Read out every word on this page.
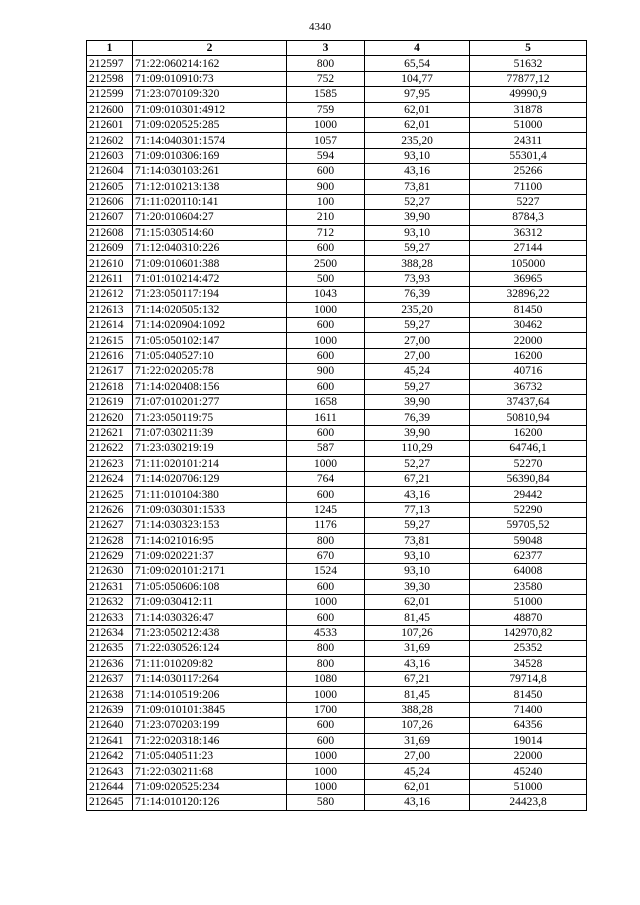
4340
1	2	3	4	5
212597	71:22:060214:162	800	65,54	51632
212598	71:09:010910:73	752	104,77	77877,12
212599	71:23:070109:320	1585	97,95	49990,9
212600	71:09:010301:4912	759	62,01	31878
212601	71:09:020525:285	1000	62,01	51000
212602	71:14:040301:1574	1057	235,20	24311
212603	71:09:010306:169	594	93,10	55301,4
212604	71:14:030103:261	600	43,16	25266
212605	71:12:010213:138	900	73,81	71100
212606	71:11:020110:141	100	52,27	5227
212607	71:20:010604:27	210	39,90	8784,3
212608	71:15:030514:60	712	93,10	36312
212609	71:12:040310:226	600	59,27	27144
212610	71:09:010601:388	2500	388,28	105000
212611	71:01:010214:472	500	73,93	36965
212612	71:23:050117:194	1043	76,39	32896,22
212613	71:14:020505:132	1000	235,20	81450
212614	71:14:020904:1092	600	59,27	30462
212615	71:05:050102:147	1000	27,00	22000
212616	71:05:040527:10	600	27,00	16200
212617	71:22:020205:78	900	45,24	40716
212618	71:14:020408:156	600	59,27	36732
212619	71:07:010201:277	1658	39,90	37437,64
212620	71:23:050119:75	1611	76,39	50810,94
212621	71:07:030211:39	600	39,90	16200
212622	71:23:030219:19	587	110,29	64746,1
212623	71:11:020101:214	1000	52,27	52270
212624	71:14:020706:129	764	67,21	56390,84
212625	71:11:010104:380	600	43,16	29442
212626	71:09:030301:1533	1245	77,13	52290
212627	71:14:030323:153	1176	59,27	59705,52
212628	71:14:021016:95	800	73,81	59048
212629	71:09:020221:37	670	93,10	62377
212630	71:09:020101:2171	1524	93,10	64008
212631	71:05:050606:108	600	39,30	23580
212632	71:09:030412:11	1000	62,01	51000
212633	71:14:030326:47	600	81,45	48870
212634	71:23:050212:438	4533	107,26	142970,82
212635	71:22:030526:124	800	31,69	25352
212636	71:11:010209:82	800	43,16	34528
212637	71:14:030117:264	1080	67,21	79714,8
212638	71:14:010519:206	1000	81,45	81450
212639	71:09:010101:3845	1700	388,28	71400
212640	71:23:070203:199	600	107,26	64356
212641	71:22:020318:146	600	31,69	19014
212642	71:05:040511:23	1000	27,00	22000
212643	71:22:030211:68	1000	45,24	45240
212644	71:09:020525:234	1000	62,01	51000
212645	71:14:010120:126	580	43,16	24423,8
